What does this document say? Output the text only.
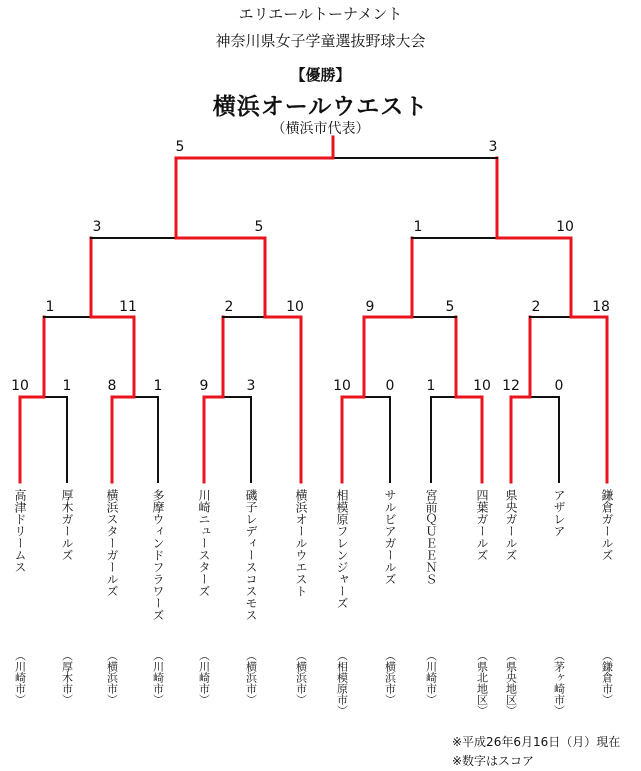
エリエールトーナメント
神奈川県女子学童選抜野球大会
【優勝】
横浜オールウエスト
（横浜市代表）
10 1	8	1	9	3	10 0 1	10 12 0
1	11	2	10	9	5	2	18
3	5	1	10
5	3
高津ドリームス
（川崎市）
厚木ガールズ
（厚木市）
横浜スターガールズ
（横浜市）
多摩ウィンドフラワーズ
（川崎市）
川崎ニュースターズ
（川崎市）
磯子レディースコスモス
（横浜市）
横浜オールウエスト
（横浜市）
相模原フレンジャーズ
（相模原市）
サルビアガールズ
（横浜市）
宮前ＱＵＥＥＮＳ
（川崎市）
四葉ガールズ
（県北地区）
県央ガールズ
（県央地区）
アザレア
（茅ヶ崎市）
鎌倉ガールズ
（鎌倉市）
※平成26年6月16日（月）現在
※数字はスコア
